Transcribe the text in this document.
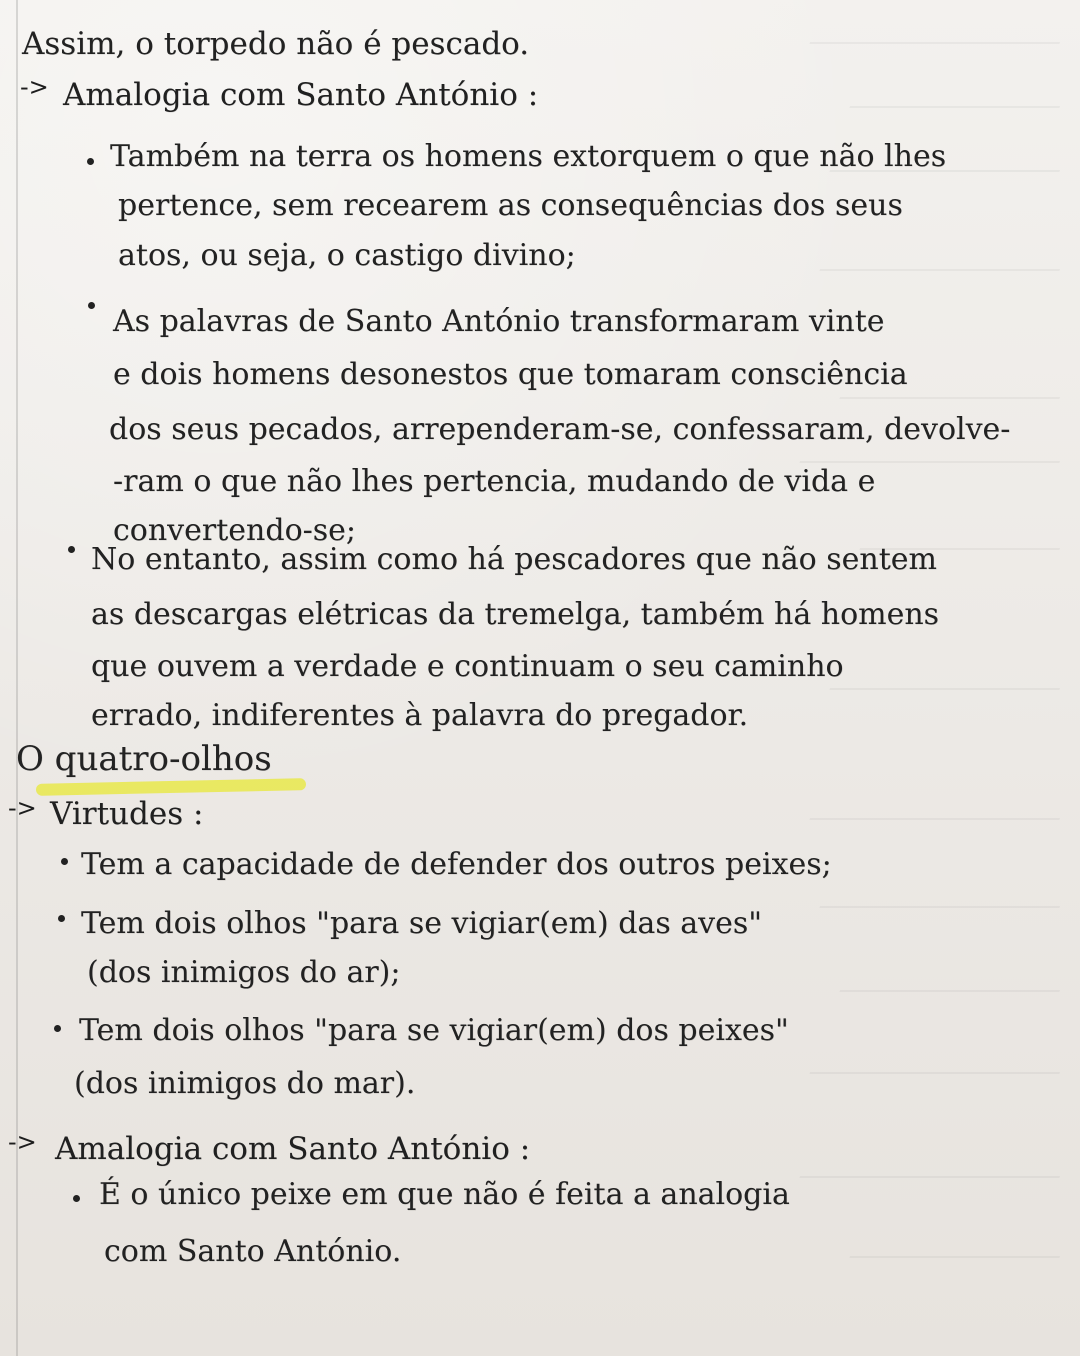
Assim, o torpedo não é pescado.
-> Amalogia com Santo António :
Também na terra os homens extorquem o que não lhes
pertence, sem recearem as consequências dos seus
atos, ou seja, o castigo divino;
As palavras de Santo António transformaram vinte
e dois homens desonestos que tomaram consciência
dos seus pecados, arrependeram-se, confessaram, devolve-
-ram o que não lhes pertencia, mudando de vida e
convertendo-se;
No entanto, assim como há pescadores que não sentem
as descargas elétricas da tremelga, também há homens
que ouvem a verdade e continuam o seu caminho
errado, indiferentes à palavra do pregador.
O quatro-olhos
-> Virtudes :
Tem a capacidade de defender dos outros peixes;
Tem dois olhos "para se vigiar(em) das aves"
(dos inimigos do ar);
Tem dois olhos "para se vigiar(em) dos peixes"
(dos inimigos do mar).
-> Amalogia com Santo António :
É o único peixe em que não é feita a analogia
com Santo António.
